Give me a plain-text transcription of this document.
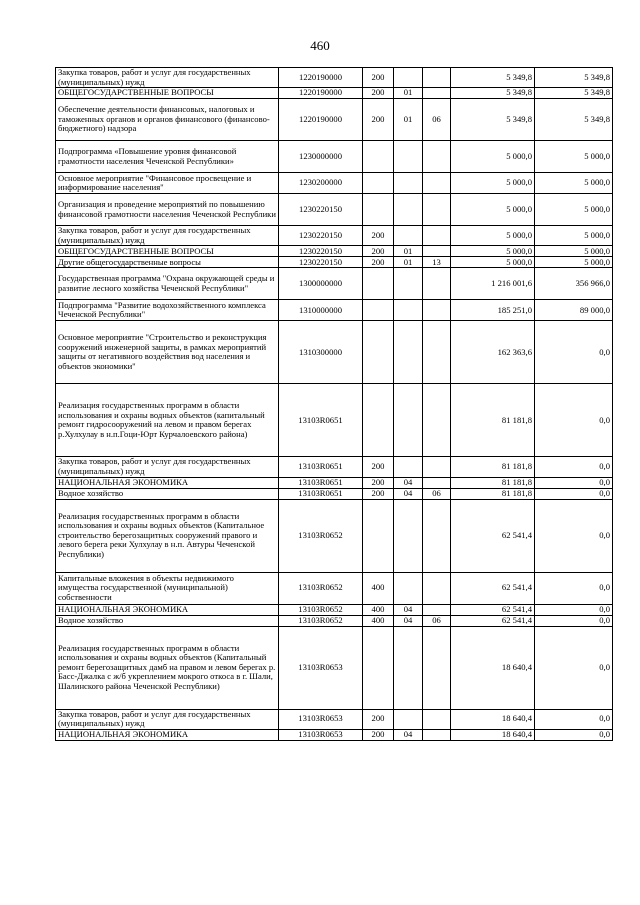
460
Закупка товаров, работ и услуг для государственных (муниципальных) нужд	1220190000	200			5 349,8	5 349,8
ОБЩЕГОСУДАРСТВЕННЫЕ ВОПРОСЫ	1220190000	200	01		5 349,8	5 349,8
Обеспечение деятельности финансовых, налоговых и таможенных органов и органов финансового (финансово-бюджетного) надзора	1220190000	200	01	06	5 349,8	5 349,8
Подпрограмма «Повышение уровня финансовой грамотности населения Чеченской Республики»	1230000000				5 000,0	5 000,0
Основное мероприятие "Финансовое просвещение и информирование населения"	1230200000				5 000,0	5 000,0
Организация и проведение мероприятий по повышению финансовой грамотности населения Чеченской Республики	1230220150				5 000,0	5 000,0
Закупка товаров, работ и услуг для государственных (муниципальных) нужд	1230220150	200			5 000,0	5 000,0
ОБЩЕГОСУДАРСТВЕННЫЕ ВОПРОСЫ	1230220150	200	01		5 000,0	5 000,0
Другие общегосударственные вопросы	1230220150	200	01	13	5 000,0	5 000,0
Государственная программа "Охрана окружающей среды и развитие лесного хозяйства Чеченской Республики"	1300000000				1 216 001,6	356 966,0
Подпрограмма "Развитие водохозяйственного комплекса Чеченской Республики"	1310000000				185 251,0	89 000,0
Основное мероприятие "Строительство и реконструкция сооружений инженерной защиты, в рамках мероприятий защиты от негативного воздействия вод населения и объектов экономики"	1310300000				162 363,6	0,0
Реализация государственных программ в области использования и охраны водных объектов (капитальный ремонт гидросооружений на левом и правом берегах р.Хулхулау в н.п.Гоци-Юрт Курчалоевского района)	13103R0651				81 181,8	0,0
Закупка товаров, работ и услуг для государственных (муниципальных) нужд	13103R0651	200			81 181,8	0,0
НАЦИОНАЛЬНАЯ ЭКОНОМИКА	13103R0651	200	04		81 181,8	0,0
Водное хозяйство	13103R0651	200	04	06	81 181,8	0,0
Реализация государственных программ в области использования и охраны водных объектов (Капитальное строительство берегозащитных сооружений правого и левого берега реки Хулхулау в н.п. Автуры Чеченской Республики)	13103R0652				62 541,4	0,0
Капитальные вложения в объекты недвижимого имущества государственной (муниципальной) собственности	13103R0652	400			62 541,4	0,0
НАЦИОНАЛЬНАЯ ЭКОНОМИКА	13103R0652	400	04		62 541,4	0,0
Водное хозяйство	13103R0652	400	04	06	62 541,4	0,0
Реализация государственных программ в области использования и охраны водных объектов (Капитальный ремонт берегозащитных дамб на правом и левом берегах р. Басс-Джалка с ж/б укреплением мокрого откоса в г. Шали, Шалинского района Чеченской Республики)	13103R0653				18 640,4	0,0
Закупка товаров, работ и услуг для государственных (муниципальных) нужд	13103R0653	200			18 640,4	0,0
НАЦИОНАЛЬНАЯ ЭКОНОМИКА	13103R0653	200	04		18 640,4	0,0
